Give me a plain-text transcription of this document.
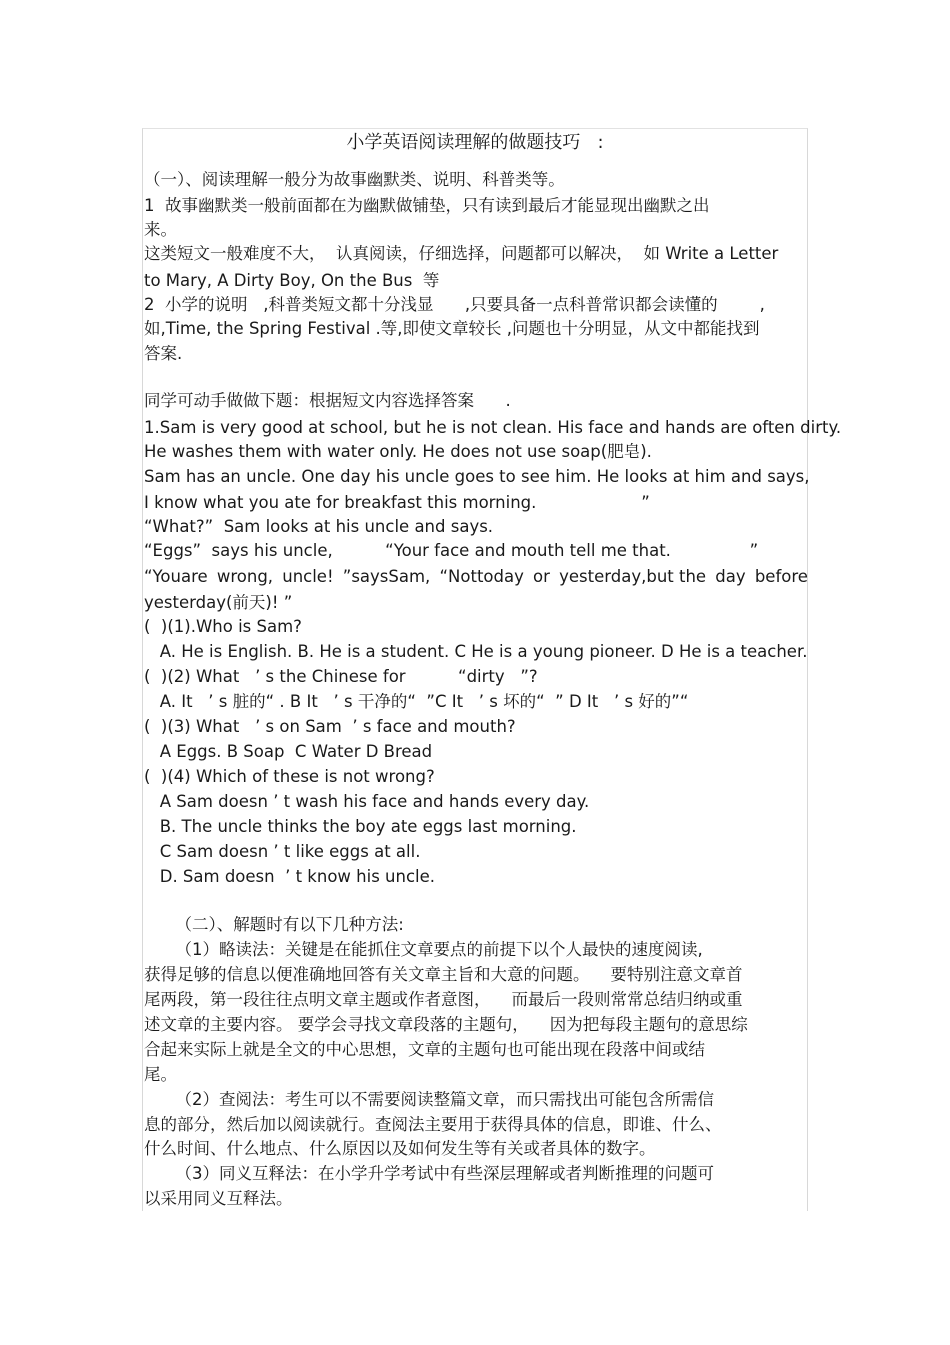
小学英语阅读理解的做题技巧   :
（一）、阅读理解一般分为故事幽默类、说明、科普类等。
1  故事幽默类一般前面都在为幽默做铺垫，只有读到最后才能显现出幽默之出
来。
这类短文一般难度不大，  认真阅读，仔细选择，问题都可以解决，  如 Write a Letter
to Mary, A Dirty Boy, On the Bus  等
2  小学的说明   ,科普类短文都十分浅显      ,只要具备一点科普常识都会读懂的        ,
如,Time, the Spring Festival .等,即使文章较长 ,问题也十分明显，从文中都能找到
答案.
同学可动手做做下题：根据短文内容选择答案      .
1.Sam is very good at school, but he is not clean. His face and hands are often dirty.
He washes them with water only. He does not use soap(肥皂).
Sam has an uncle. One day his uncle goes to see him. He looks at him and says,
I know what you ate for breakfast this morning.                    ”
“What?”  Sam looks at his uncle and says.
“Eggs”  says his uncle,          “Your face and mouth tell me that.               ”
“Youare wrong, uncle! ”saysSam, “Nottoday or yesterday,but the day before
yesterday(前天)! ”
(  )(1).Who is Sam?
A. He is English. B. He is a student. C He is a young pioneer. D He is a teacher.
(  )(2) What   ’ s the Chinese for          “dirty   ”?
A. It   ’ s 脏的“ . B It   ’ s 干净的“  ”C It   ’ s 坏的“  ” D It   ’ s 好的”“
(  )(3) What   ’ s on Sam  ’ s face and mouth?
A Eggs. B Soap  C Water D Bread
(  )(4) Which of these is not wrong?
A Sam doesn ’ t wash his face and hands every day.
B. The uncle thinks the boy ate eggs last morning.
C Sam doesn ’ t like eggs at all.
D. Sam doesn  ’ t know his uncle.
（二）、解题时有以下几种方法:
（1）略读法：关键是在能抓住文章要点的前提下以个人最快的速度阅读,
获得足够的信息以便准确地回答有关文章主旨和大意的问题。    要特别注意文章首
尾两段，第一段往往点明文章主题或作者意图，    而最后一段则常常总结归纳或重
述文章的主要内容。 要学会寻找文章段落的主题句，    因为把每段主题句的意思综
合起来实际上就是全文的中心思想，文章的主题句也可能出现在段落中间或结
尾。
（2）查阅法：考生可以不需要阅读整篇文章，而只需找出可能包含所需信
息的部分，然后加以阅读就行。查阅法主要用于获得具体的信息，即谁、什么、
什么时间、什么地点、什么原因以及如何发生等有关或者具体的数字。
（3）同义互释法：在小学升学考试中有些深层理解或者判断推理的问题可
以采用同义互释法。
